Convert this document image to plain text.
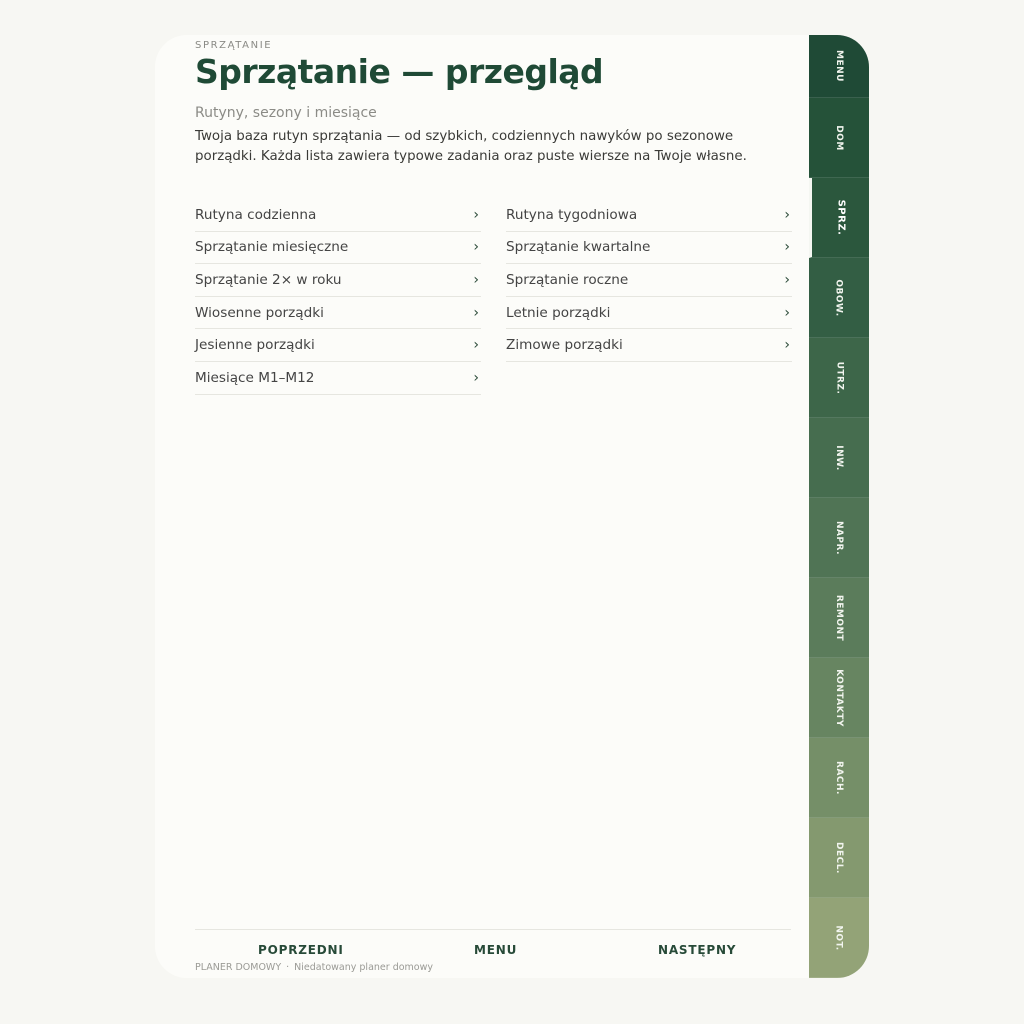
SPRZĄTANIE
Sprzątanie — przegląd
Rutyny, sezony i miesiące
Twoja baza rutyn sprzątania — od szybkich, codziennych nawyków po sezonowe porządki. Każda lista zawiera typowe zadania oraz puste wiersze na Twoje własne.
Rutyna codzienna	›
Sprzątanie miesięczne	›
Sprzątanie 2× w roku	›
Wiosenne porządki	›
Jesienne porządki	›
Miesiące M1–M12	›
Rutyna tygodniowa	›
Sprzątanie kwartalne	›
Sprzątanie roczne	›
Letnie porządki	›
Zimowe porządki	›
POPRZEDNI	MENU	NASTĘPNY
PLANER DOMOWY · Niedatowany planer domowy
MENU
DOM
SPRZ.
OBOW.
UTRZ.
INW.
NAPR.
REMONT
KONTAKTY
RACH.
DECL.
NOT.
